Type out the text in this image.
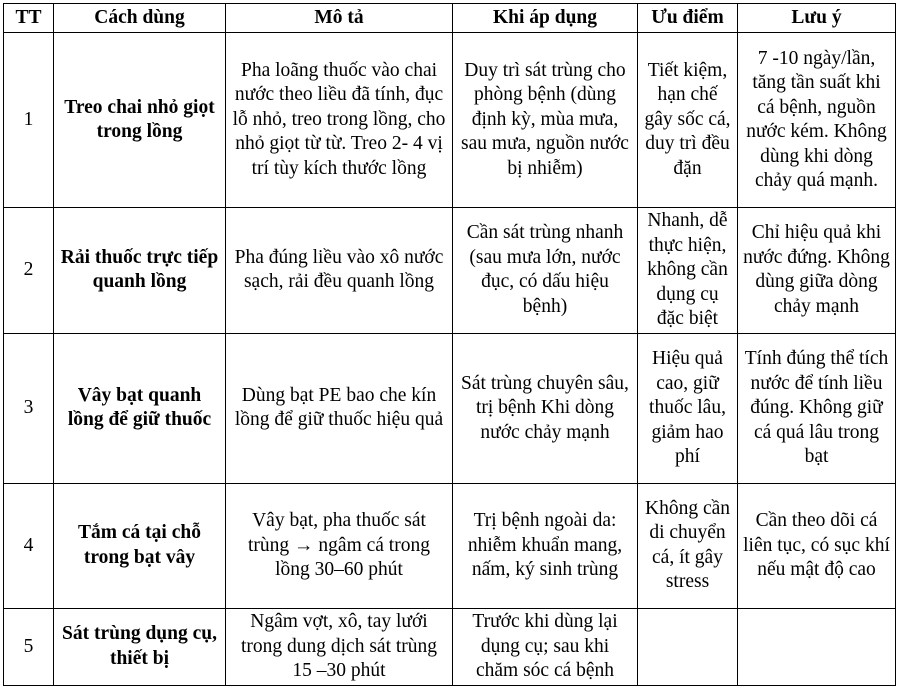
TT	Cách dùng	Mô tả	Khi áp dụng	Ưu điểm	Lưu ý
1	Treo chai nhỏ giọt trong lồng	Pha loãng thuốc vào chai nước theo liều đã tính, đục lỗ nhỏ, treo trong lồng, cho nhỏ giọt từ từ. Treo 2- 4 vị trí tùy kích thước lồng	Duy trì sát trùng cho phòng bệnh (dùng định kỳ, mùa mưa, sau mưa, nguồn nước bị nhiễm)	Tiết kiệm, hạn chế gây sốc cá, duy trì đều đặn	7 -10 ngày/lần, tăng tần suất khi cá bệnh, nguồn nước kém. Không dùng khi dòng chảy quá mạnh.
2	Rải thuốc trực tiếp quanh lồng	Pha đúng liều vào xô nước sạch, rải đều quanh lồng	Cần sát trùng nhanh (sau mưa lớn, nước đục, có dấu hiệu bệnh)	Nhanh, dễ thực hiện, không cần dụng cụ đặc biệt	Chỉ hiệu quả khi nước đứng. Không dùng giữa dòng chảy mạnh
3	Vây bạt quanh lồng để giữ thuốc	Dùng bạt PE bao che kín lồng để giữ thuốc hiệu quả	Sát trùng chuyên sâu, trị bệnh Khi dòng nước chảy mạnh	Hiệu quả cao, giữ thuốc lâu, giảm hao phí	Tính đúng thể tích nước để tính liều đúng. Không giữ cá quá lâu trong bạt
4	Tắm cá tại chỗ trong bạt vây	Vây bạt, pha thuốc sát trùng → ngâm cá trong lồng 30–60 phút	Trị bệnh ngoài da: nhiễm khuẩn mang, nấm, ký sinh trùng	Không cần di chuyển cá, ít gây stress	Cần theo dõi cá liên tục, có sục khí nếu mật độ cao
5	Sát trùng dụng cụ, thiết bị	Ngâm vợt, xô, tay lưới trong dung dịch sát trùng 15 –30 phút	Trước khi dùng lại dụng cụ; sau khi chăm sóc cá bệnh		
